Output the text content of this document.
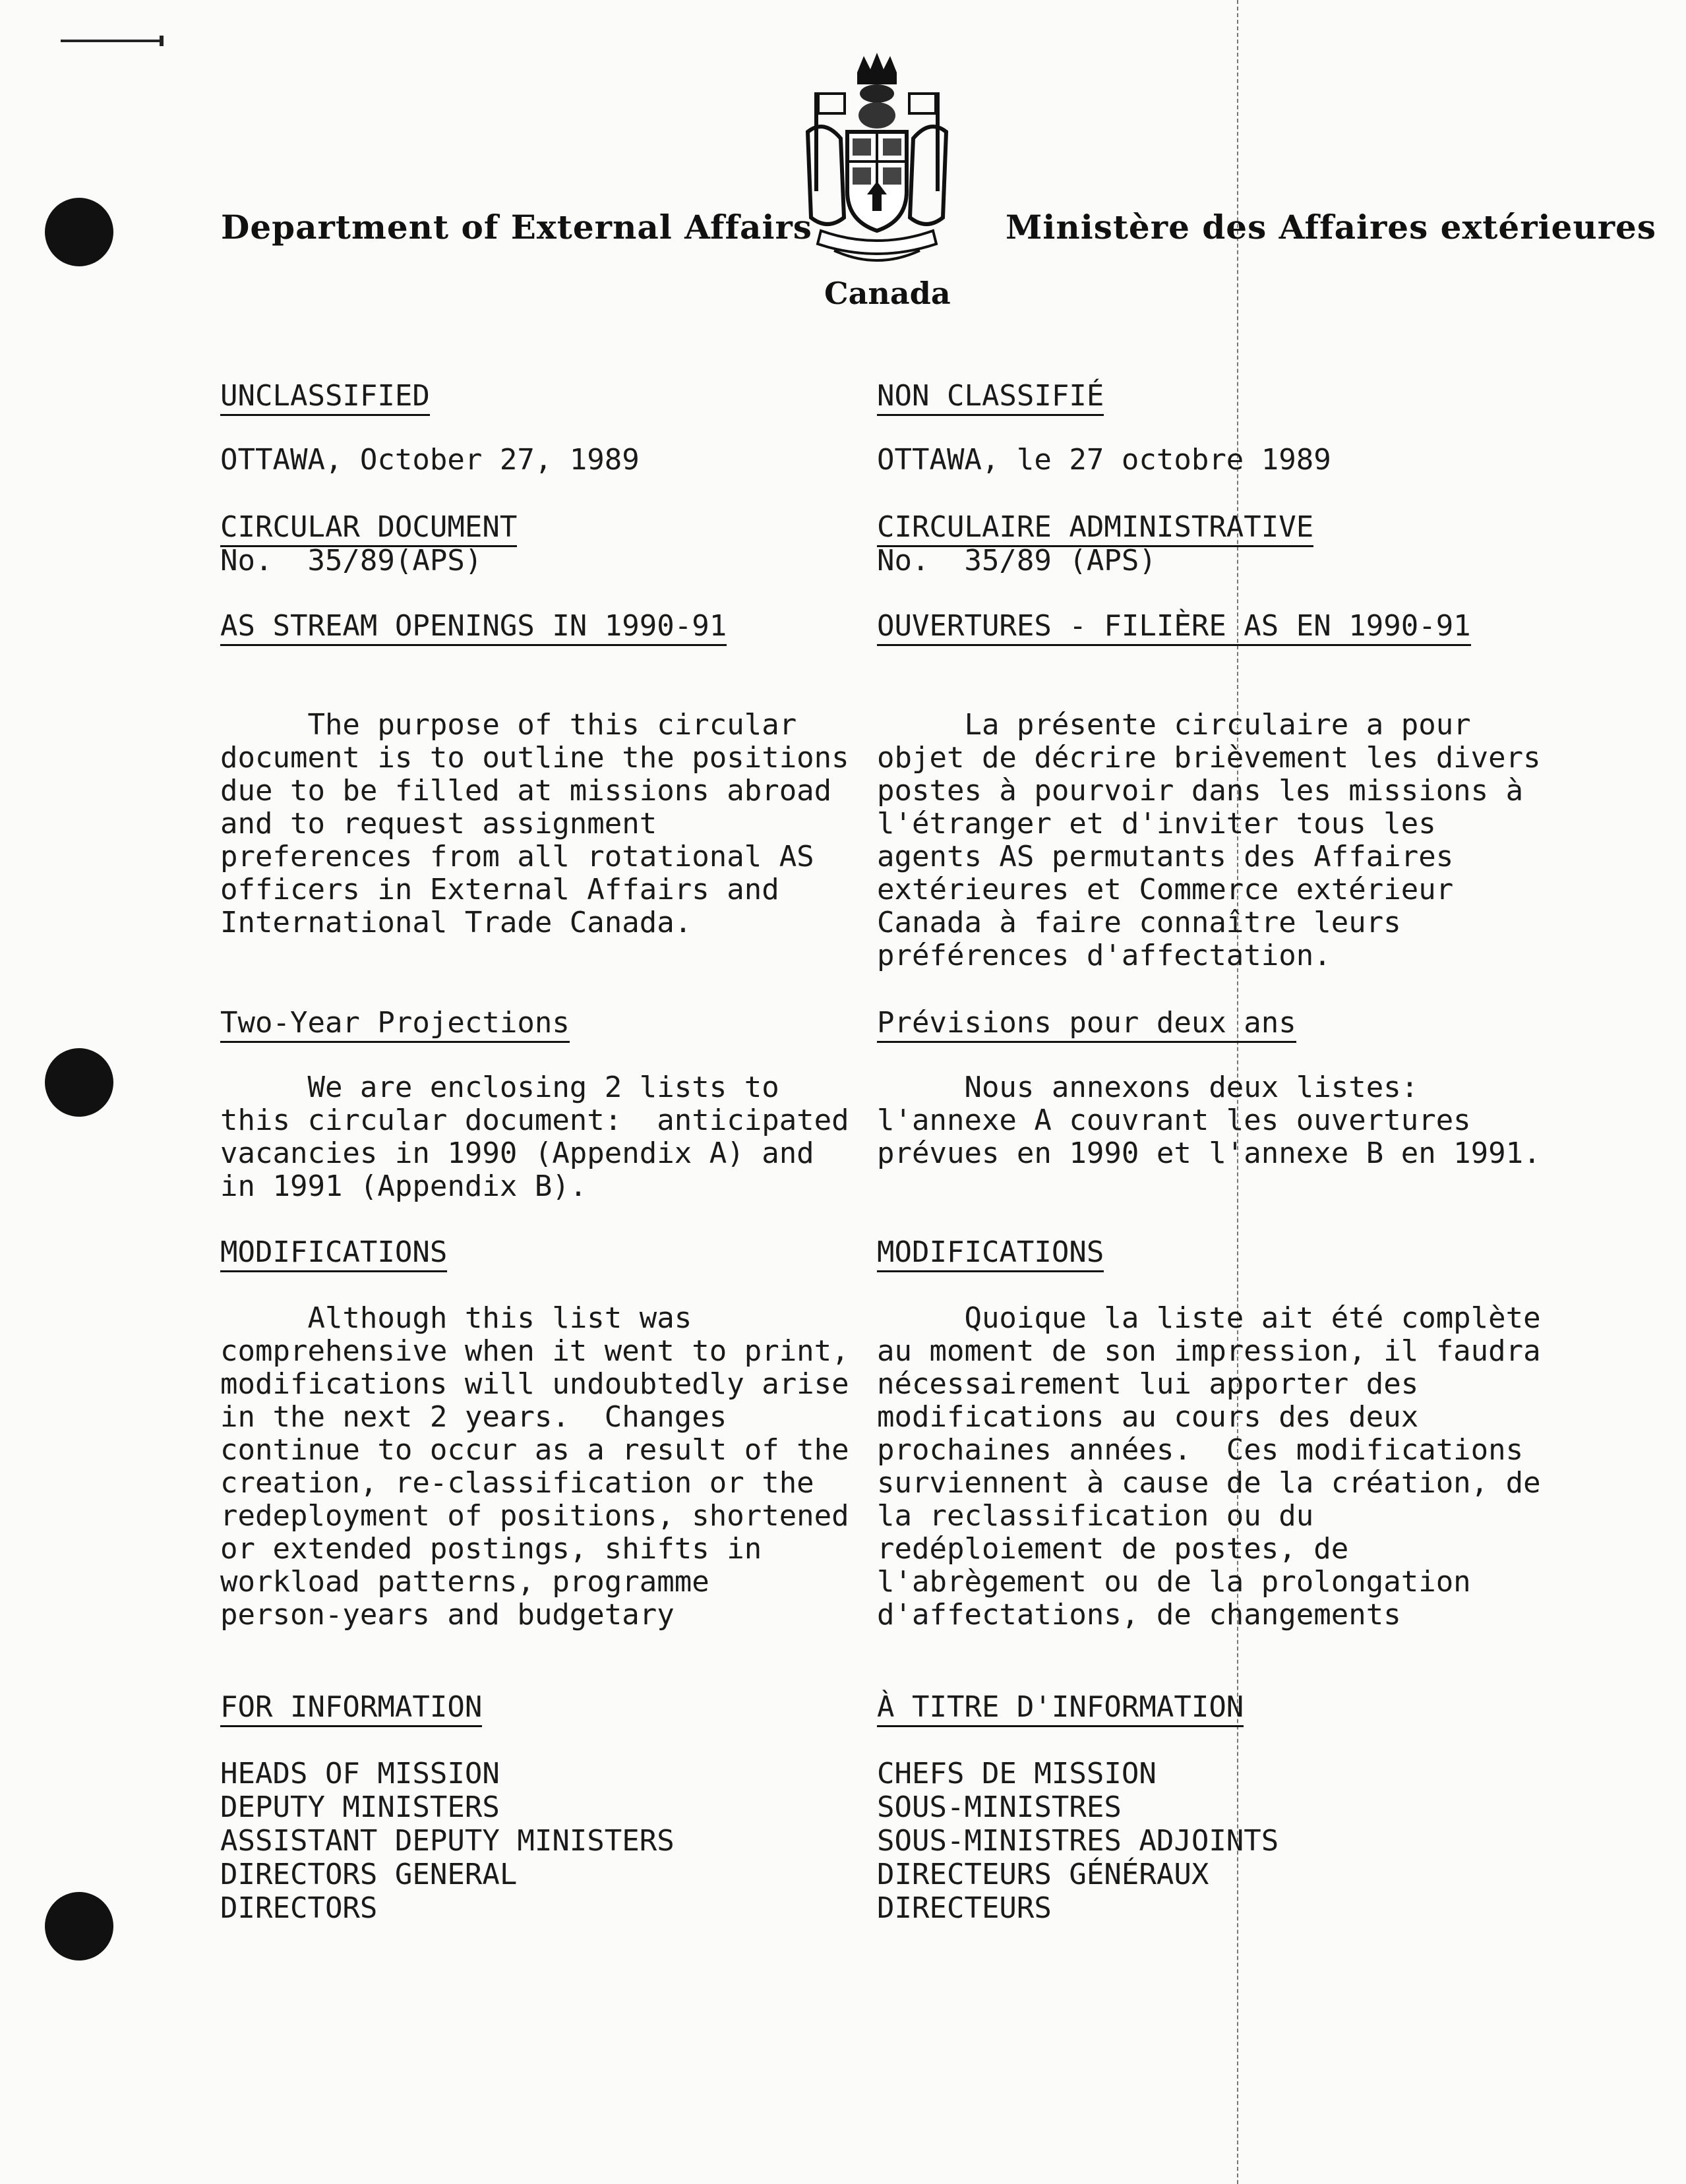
Department of External Affairs	Ministère des Affaires extérieures
Canada
UNCLASSIFIED
OTTAWA, October 27, 1989
CIRCULAR DOCUMENT
No.  35/89(APS)
AS STREAM OPENINGS IN 1990-91
The purpose of this circular
document is to outline the positions
due to be filled at missions abroad
and to request assignment
preferences from all rotational AS
officers in External Affairs and
International Trade Canada.
Two-Year Projections
We are enclosing 2 lists to
this circular document:  anticipated
vacancies in 1990 (Appendix A) and
in 1991 (Appendix B).
MODIFICATIONS
Although this list was
comprehensive when it went to print,
modifications will undoubtedly arise
in the next 2 years.  Changes
continue to occur as a result of the
creation, re-classification or the
redeployment of positions, shortened
or extended postings, shifts in
workload patterns, programme
person-years and budgetary
FOR INFORMATION
HEADS OF MISSION
DEPUTY MINISTERS
ASSISTANT DEPUTY MINISTERS
DIRECTORS GENERAL
DIRECTORS
NON CLASSIFIÉ
OTTAWA, le 27 octobre 1989
CIRCULAIRE ADMINISTRATIVE
No.  35/89 (APS)
OUVERTURES - FILIÈRE AS EN 1990-91
La présente circulaire a pour
objet de décrire brièvement les divers
postes à pourvoir dans les missions à
l'étranger et d'inviter tous les
agents AS permutants des Affaires
extérieures et Commerce extérieur
Canada à faire connaître leurs
préférences d'affectation.
Prévisions pour deux ans
Nous annexons deux listes:
l'annexe A couvrant les ouvertures
prévues en 1990 et l'annexe B en 1991.
MODIFICATIONS
Quoique la liste ait été complète
au moment de son impression, il faudra
nécessairement lui apporter des
modifications au cours des deux
prochaines années.  Ces modifications
surviennent à cause de la création, de
la reclassification ou du
redéploiement de postes, de
l'abrègement ou de la prolongation
d'affectations, de changements
À TITRE D'INFORMATION
CHEFS DE MISSION
SOUS-MINISTRES
SOUS-MINISTRES ADJOINTS
DIRECTEURS GÉNÉRAUX
DIRECTEURS
